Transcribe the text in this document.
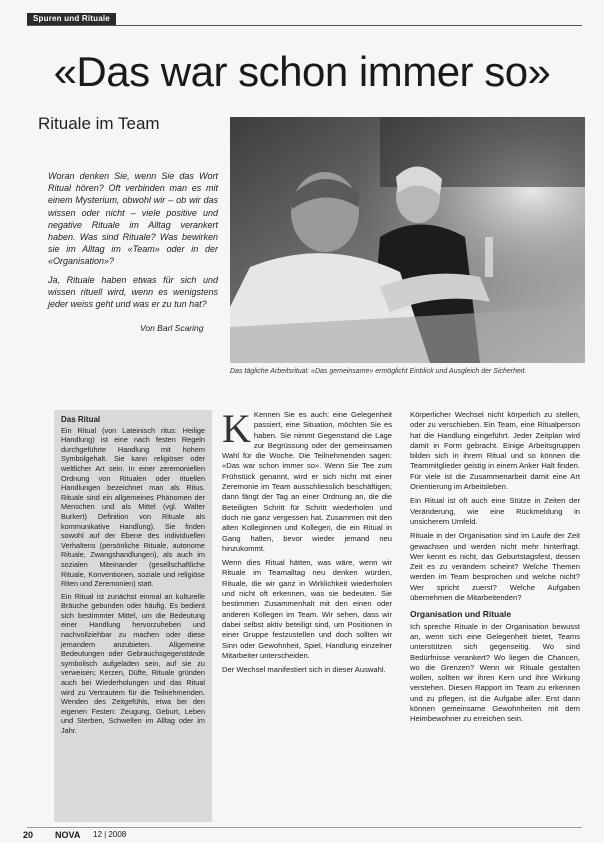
Spuren und Rituale
«Das war schon immer so»
Rituale im Team

Woran denken Sie, wenn Sie das Wort Ritual hören? Oft verbinden man es mit einem Mysterium, obwohl wir – ob wir das wissen oder nicht – viele positive und negative Rituale im Alltag verankert haben. Was sind Rituale? Was bewirken sie im Alltag im «Team» oder in der «Organisation»?

Ja, Rituale haben etwas für sich und wissen rituell wird, wenn es wenigstens jeder weiss geht und was er zu tun hat?

Von Barl Scaring
Das tägliche Arbeitsritual: «Das gemeinsame» ermöglicht Einblick und Ausgleich der Sicherheit.
Das Ritual

Ein Ritual (von Lateinisch ritus: Heilige Handlung) ist eine nach festen Regeln durchgeführte Handlung mit hohem Symbolgehalt. Sie kann religiöser oder weltlicher Art sein. In einer zeremoniellen Ordnung von Ritualen oder rituellen Handlungen bezeichnet man als Ritus. Rituale sind ein allgemeines Phänomen der Menschen und als Mittel (vgl. Walter Burkert) Definition von Rituale als kommunikative Handlung). Sie finden sowohl auf der Ebene des individuellen Verhaltens (persönliche Rituale, autonome Rituale, Zwangshandlungen), als auch im sozialen Miteinander (gesellschaftliche Rituale, Konventionen, soziale und religiöse Riten und Zeremonien) statt.

Ein Ritual ist zunächst einmal an kulturelle Bräuche gebunden oder häufig. Es bedient sich bestimmter Mittel, um die Bedeutung einer Handlung hervorzuheben und nachvollziehbar zu machen oder diese jemandem anzubieten. Allgemeine Bedeutungen oder Gebrauchsgegenstände symbolisch aufgeladen sein, auf sie zu verweisen; Kerzen, Düfte, Rituale gründen auch bei Wiederholungen und das Ritual wird zu Vertrautem für die Teilnehmenden. Wenden des Zeitgefühls, etwa bei den eigenen Festen: Zeugung, Geburt, Leben und Sterben, Schwellen im Alltag oder im Jahr.

K Kennen Sie es auch: eine Gelegenheit passiert, eine Situation, möchten Sie es haben. Sie nimmt Gegenstand die Lage zur Begrüssung oder der gemeinsamen Wahl für die Woche. Die Teilnehmenden sagen: «Das war schon immer so». Wenn Sie Tee zum Frühstück genannt, wird er sich nicht mit einer Zeremonie im Team ausschliesslich beschäftigen; dann fängt der Tag an einer Ordnung an, die die Beteiligten Schritt für Schritt wiederholen und doch nie ganz vergessen hat. Zusammen mit den alten Kolleginnen und Kollegen, die ein Ritual in Gang halten, bevor wieder jemand neu hinzukommt.

Wenn dies Ritual hätten, was wäre, wenn wir Rituale im Teamalltag neu denken würden, Rituale, die wir ganz in Wirklichkeit wiederholen und nicht oft erkennen, was sie bedeuten. Sie bestimmen Zusammenhalt mit den einen oder anderen Kollegen im Team. Wir sehen, dass wir dabei selbst aktiv beteiligt sind, um Positionen in einer Gruppe festzustellen und doch sollten wir Sinn oder Gewohnheit, Spiel, Handlung einzelner Mitarbeiter unterscheiden.

Der Wechsel manifestiert sich in dieser Auswahl.

Körperlicher Wechsel nicht körperlich zu stellen, oder zu verschieben. Ein Team, eine Ritualperson hat die Handlung eingeführt. Jeder Zeitplan wird damit in Form gebracht. Einige Arbeitsgruppen bilden sich in ihrem Ritual und so können die Teammitglieder geistig in einem Anker Halt finden. Für viele ist die Zusammenarbeit damit eine Art Orientierung im Arbeitsleben.

Ein Ritual ist oft auch eine Stütze in Zeiten der Veränderung, wie eine Rückmeldung in unsicherem Umfeld.

Rituale in der Organisation sind im Laufe der Zeit gewachsen und werden nicht mehr hinterfragt. Wer kennt es nicht, das Geburtstagsfest, dessen Zeit es zu verändern scheint? Welche Themen werden im Team besprochen und welche nicht? Wer spricht zuerst? Welche Aufgaben übernehmen die Mitarbeitenden?

Organisation und Rituale

Ich spreche Rituale in der Organisation bewusst an, wenn sich eine Gelegenheit bietet, Teams unterstützen sich gegenseitig. Wo sind Bedürfnisse verankert? Wo liegen die Chancen, wo die Grenzen? Wenn wir Rituale gestalten wollen, sollten wir ihren Kern und ihre Wirkung verstehen. Diesen Rapport im Team zu erkennen und zu pflegen, ist die Aufgabe aller. Erst dann können gemeinsame Gewohnheiten mit dem Heimbewohner zu erreichen sein.

20 NOVA 12 | 2008
